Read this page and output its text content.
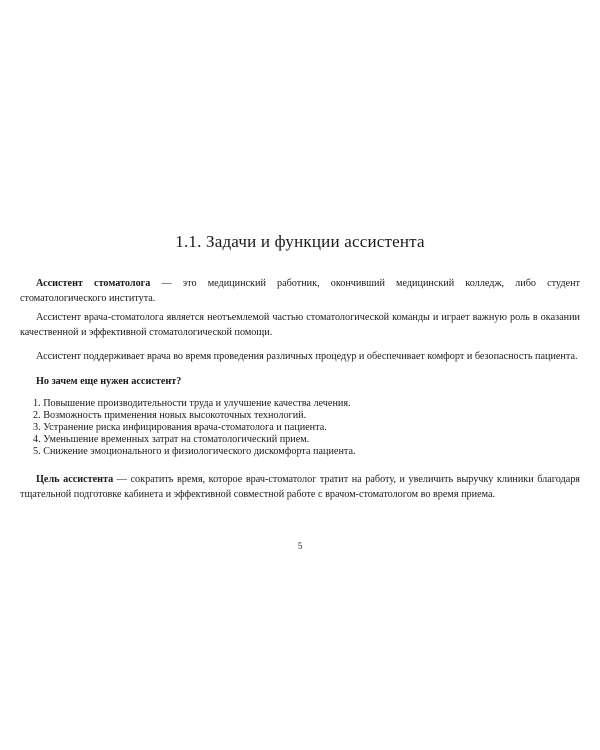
1.1. Задачи и функции ассистента

Ассистент стоматолога — это медицинский работник, окончивший медицинский колледж, либо студент стоматологического института.

Ассистент врача-стоматолога является неотъемлемой частью стоматологической команды и играет важную роль в оказании качественной и эффективной стоматологической помощи.

Ассистент поддерживает врача во время проведения различных процедур и обеспечивает комфорт и безопасность пациента.

Но зачем еще нужен ассистент?

1. Повышение производительности труда и улучшение качества лечения.
2. Возможность применения новых высокоточных технологий.
3. Устранение риска инфицирования врача-стоматолога и пациента.
4. Уменьшение временных затрат на стоматологический прием.
5. Снижение эмоционального и физиологического дискомфорта пациента.

Цель ассистента — сократить время, которое врач-стоматолог тратит на работу, и увеличить выручку клиники благодаря тщательной подготовке кабинета и эффективной совместной работе с врачом-стоматологом во время приема.

5
